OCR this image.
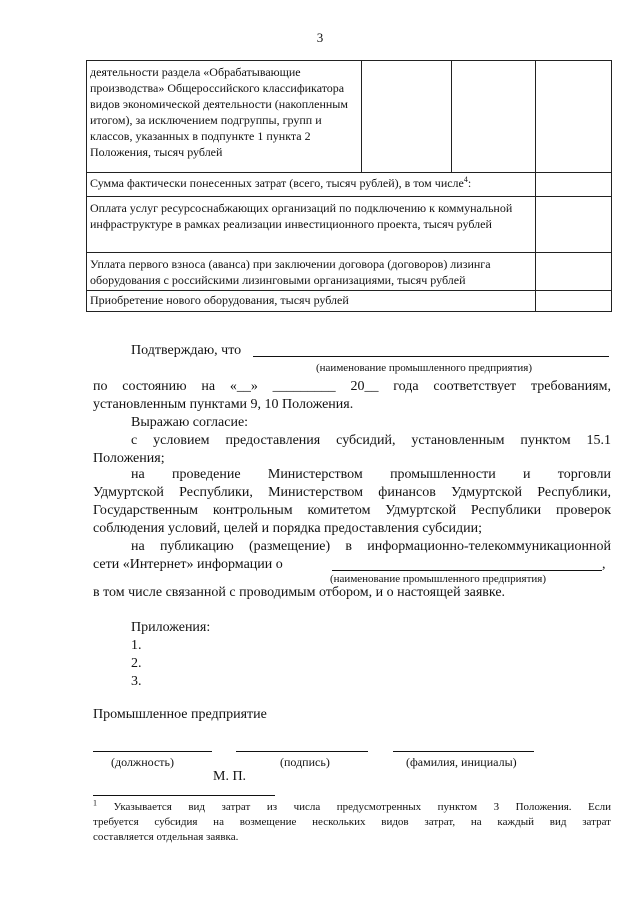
3
деятельности раздела «Обрабатывающие производства» Общероссийского классификатора видов экономической деятельности (накопленным итогом), за исключением подгруппы, групп и классов, указанных в подпункте 1 пункта 2 Положения, тысяч рублей			
Сумма фактически понесенных затрат (всего, тысяч рублей), в том числе$^4$:			
Оплата услуг ресурсоснабжающих организаций по подключению к коммунальной инфраструктуре в рамках реализации инвестиционного проекта, тысяч рублей			
Уплата первого взноса (аванса) при заключении договора (договоров) лизинга оборудования с российскими лизинговыми организациями, тысяч рублей			
Приобретение нового оборудования, тысяч рублей			
Подтверждаю, что
(наименование промышленного предприятия)
по состоянию на «__» _________ 20__ года соответствует требованиям,
установленным пунктами 9, 10 Положения.
Выражаю согласие:
с условием предоставления субсидий, установленным пунктом 15.1
Положения;
на проведение Министерством промышленности и торговли
Удмуртской Республики, Министерством финансов Удмуртской Республики,
Государственным контрольным комитетом Удмуртской Республики проверок
соблюдения условий, целей и порядка предоставления субсидии;
на публикацию (размещение) в информационно-телекоммуникационной
сети «Интернет» информации о	,
(наименование промышленного предприятия)
в том числе связанной с проводимым отбором, и о настоящей заявке.
Приложения:
1.
2.
3.
Промышленное предприятие
(должность)	(подпись)	(фамилия, инициалы)
М. П.
$^1$ Указывается вид затрат из числа предусмотренных пунктом 3 Положения. Если
требуется субсидия на возмещение нескольких видов затрат, на каждый вид затрат
составляется отдельная заявка.
